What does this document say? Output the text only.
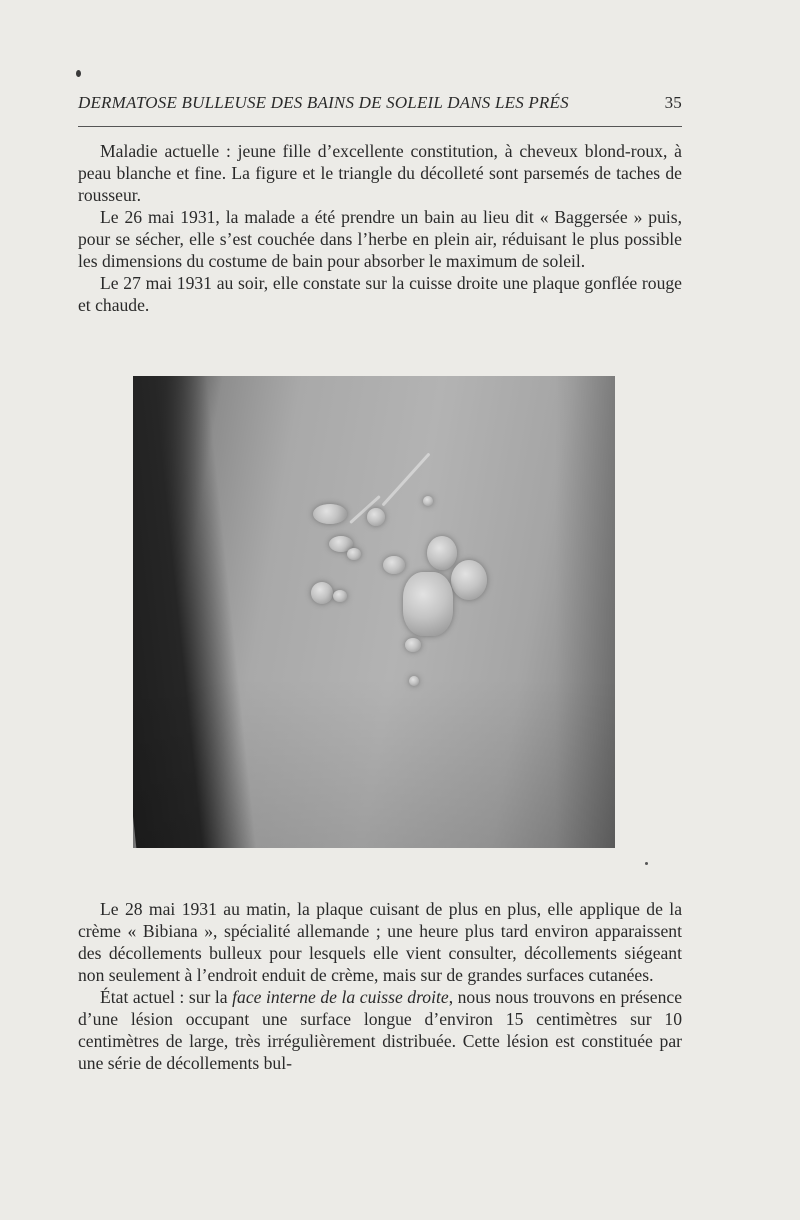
DERMATOSE BULLEUSE DES BAINS DE SOLEIL DANS LES PRÉS	35

Maladie actuelle : jeune fille d’excellente constitution, à cheveux blond-roux, à peau blanche et fine. La figure et le triangle du décolleté sont parsemés de taches de rousseur.

Le 26 mai 1931, la malade a été prendre un bain au lieu dit « Baggersée » puis, pour se sécher, elle s’est couchée dans l’herbe en plein air, réduisant le plus possible les dimensions du costume de bain pour absorber le maximum de soleil.

Le 27 mai 1931 au soir, elle constate sur la cuisse droite une plaque gonflée rouge et chaude.

Le 28 mai 1931 au matin, la plaque cuisant de plus en plus, elle applique de la crème « Bibiana », spécialité allemande ; une heure plus tard environ apparaissent des décollements bulleux pour lesquels elle vient consulter, décollements siégeant non seulement à l’endroit enduit de crème, mais sur de grandes surfaces cutanées.

État actuel : sur la face interne de la cuisse droite, nous nous trouvons en présence d’une lésion occupant une surface longue d’environ 15 centimètres sur 10 centimètres de large, très irrégulièrement distribuée. Cette lésion est constituée par une série de décollements bul-
